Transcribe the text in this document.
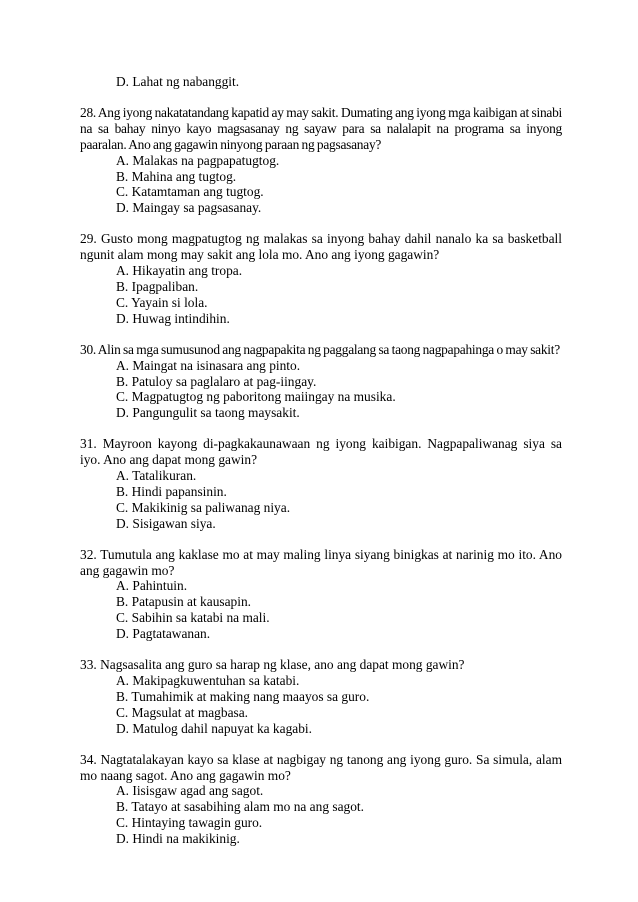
D. Lahat ng nabanggit.
28. Ang iyong nakatatandang kapatid ay may sakit. Dumating ang iyong mga kaibigan at sinabi na sa bahay ninyo kayo magsasanay ng sayaw para sa nalalapit na programa sa inyong paaralan. Ano ang gagawin ninyong paraan ng pagsasanay?
A. Malakas na pagpapatugtog.
B. Mahina ang tugtog.
C. Katamtaman ang tugtog.
D. Maingay sa pagsasanay.
29. Gusto mong magpatugtog ng malakas sa inyong bahay dahil nanalo ka sa basketball ngunit alam mong may sakit ang lola mo. Ano ang iyong gagawin?
A. Hikayatin ang tropa.
B. Ipagpaliban.
C. Yayain si lola.
D. Huwag intindihin.
30. Alin sa mga sumusunod ang nagpapakita ng paggalang sa taong nagpapahinga o may sakit?
A. Maingat na isinasara ang pinto.
B. Patuloy sa paglalaro at pag-iingay.
C. Magpatugtog ng paboritong maiingay na musika.
D. Pangungulit sa taong maysakit.
31. Mayroon kayong di-pagkakaunawaan ng iyong kaibigan. Nagpapaliwanag siya sa iyo. Ano ang dapat mong gawin?
A. Tatalikuran.
B. Hindi papansinin.
C. Makikinig sa paliwanag niya.
D. Sisigawan siya.
32. Tumutula ang kaklase mo at may maling linya siyang binigkas at narinig mo ito. Ano ang gagawin mo?
A. Pahintuin.
B. Patapusin at kausapin.
C. Sabihin sa katabi na mali.
D. Pagtatawanan.
33. Nagsasalita ang guro sa harap ng klase, ano ang dapat mong gawin?
A. Makipagkuwentuhan sa katabi.
B. Tumahimik at making nang maayos sa guro.
C. Magsulat at magbasa.
D. Matulog dahil napuyat ka kagabi.
34. Nagtatalakayan kayo sa klase at nagbigay ng tanong ang iyong guro. Sa simula, alam mo naang sagot. Ano ang gagawin mo?
A. Iisisgaw agad ang sagot.
B. Tatayo at sasabihing alam mo na ang sagot.
C. Hintaying tawagin guro.
D. Hindi na makikinig.
